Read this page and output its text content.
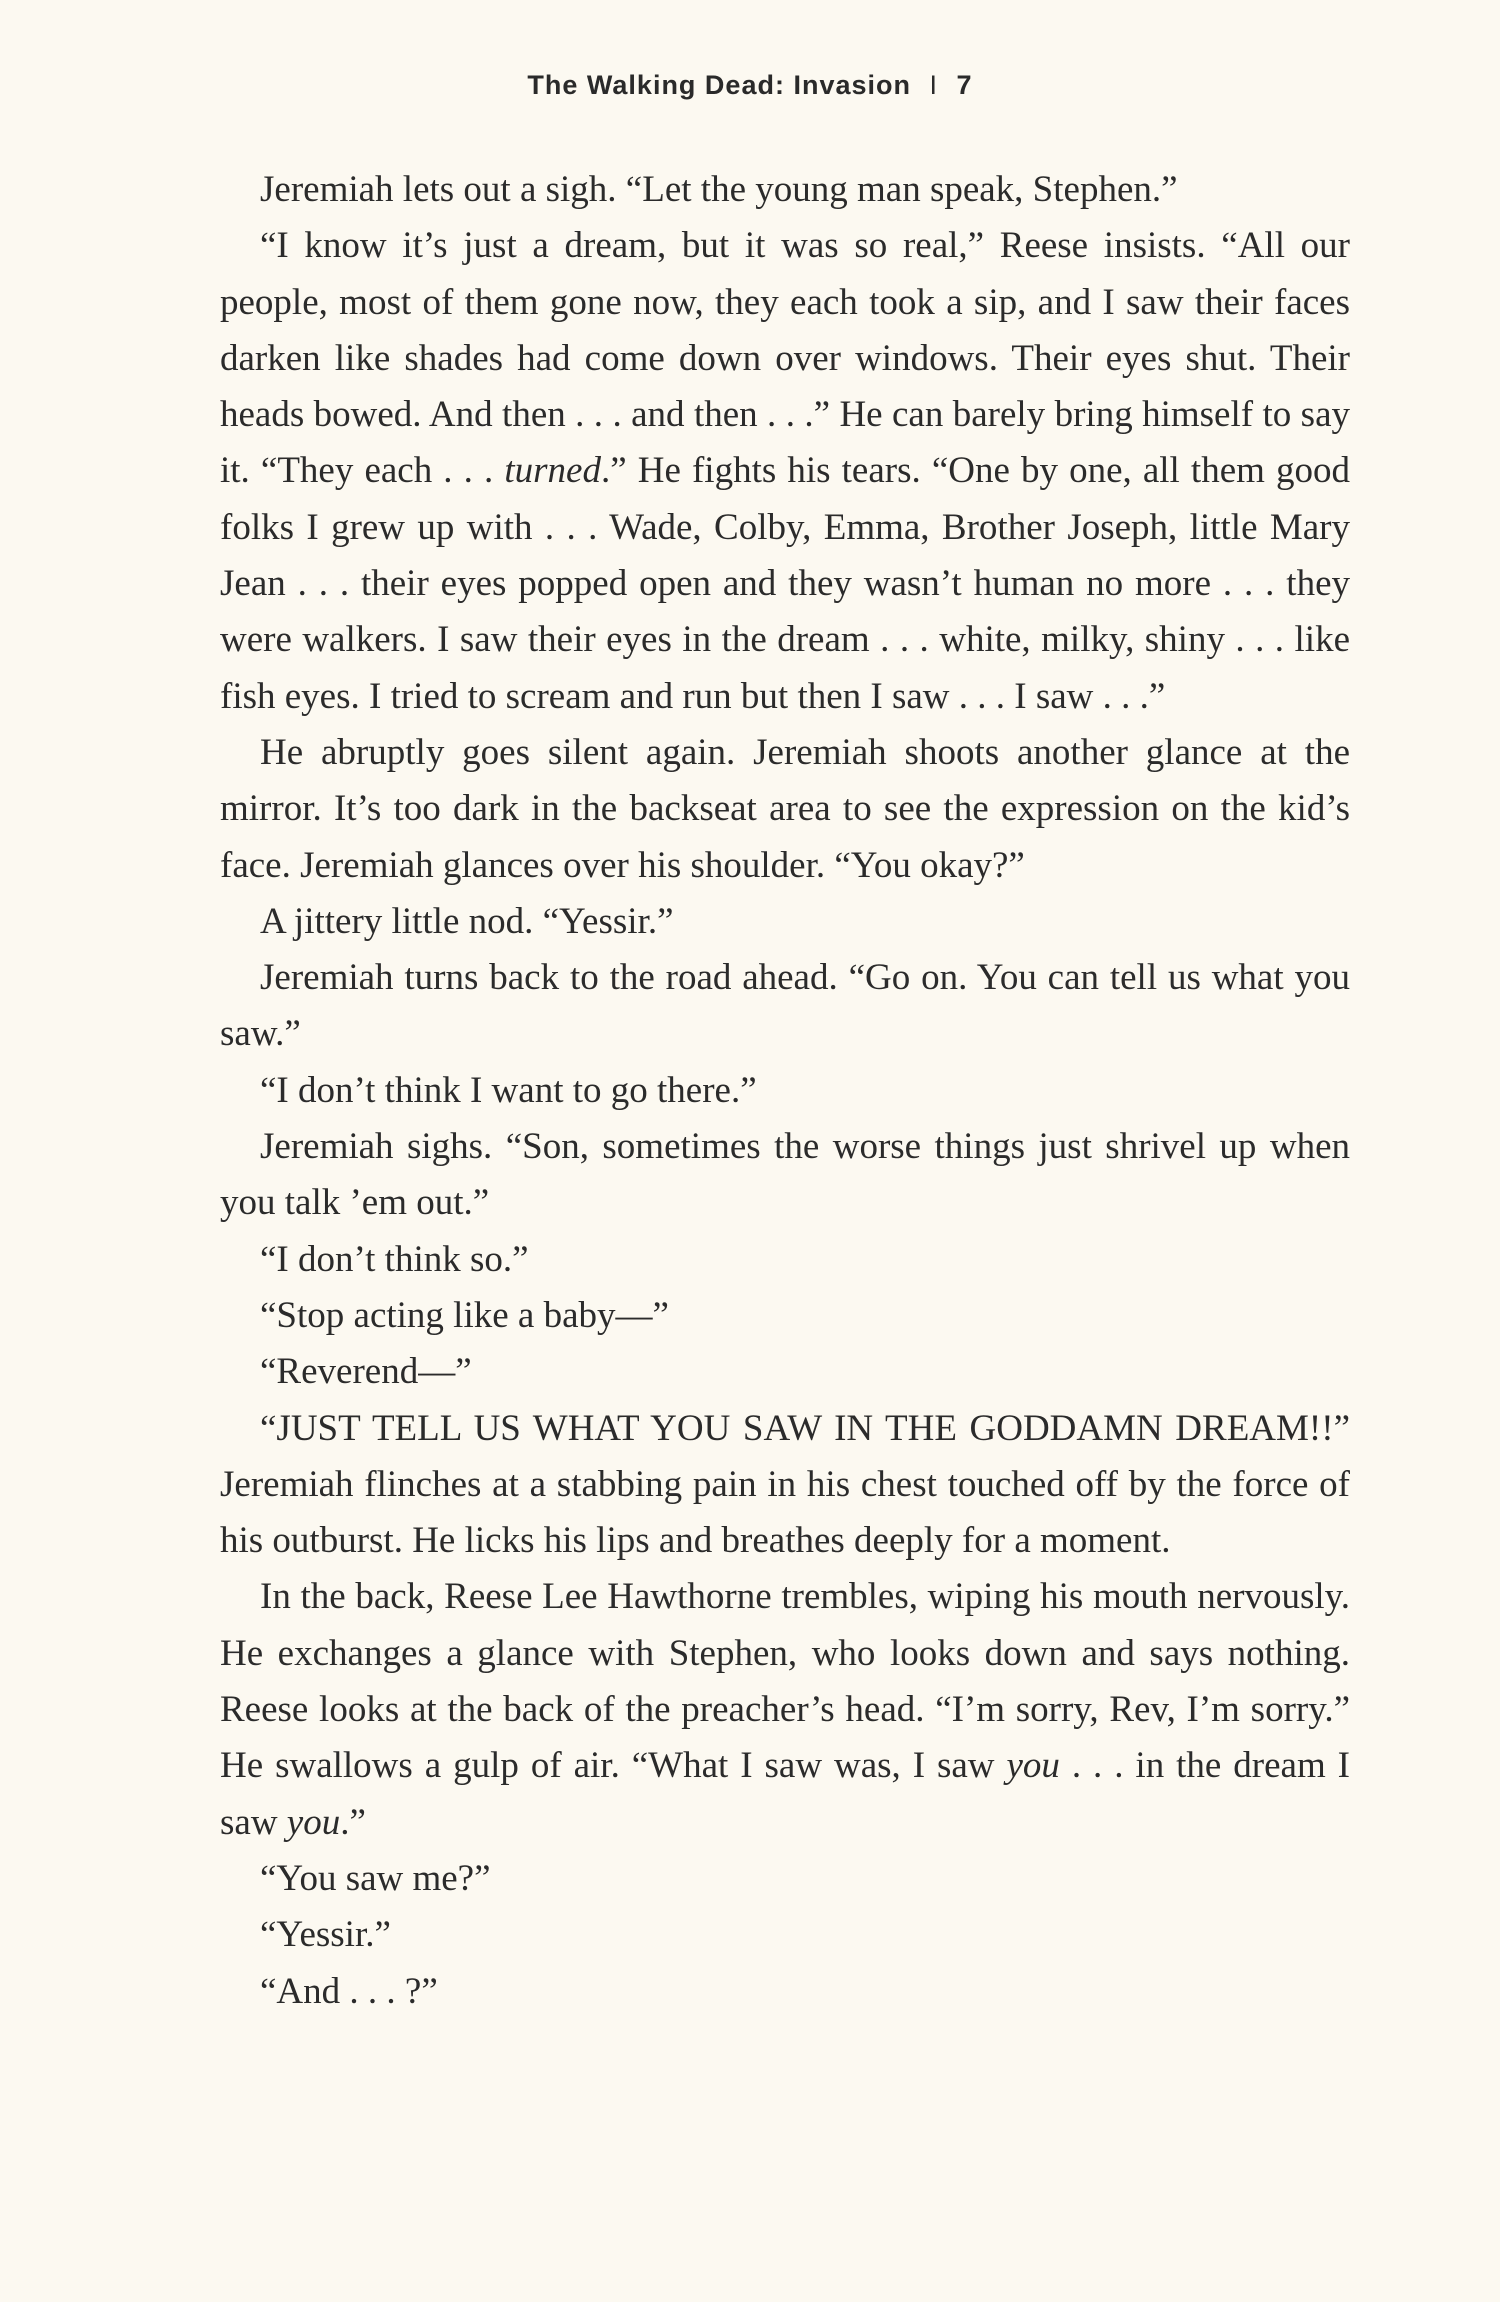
The Walking Dead: Invasion I 7

Jeremiah lets out a sigh. “Let the young man speak, Stephen.”

“I know it’s just a dream, but it was so real,” Reese insists. “All our people, most of them gone now, they each took a sip, and I saw their faces darken like shades had come down over windows. Their eyes shut. Their heads bowed. And then . . . and then . . .” He can barely bring himself to say it. “They each . . . turned.” He fights his tears. “One by one, all them good folks I grew up with . . . Wade, Colby, Emma, Brother Joseph, little Mary Jean . . . their eyes popped open and they wasn’t human no more . . . they were walkers. I saw their eyes in the dream . . . white, milky, shiny . . . like fish eyes. I tried to scream and run but then I saw . . . I saw . . .”

He abruptly goes silent again. Jeremiah shoots another glance at the mirror. It’s too dark in the backseat area to see the expression on the kid’s face. Jeremiah glances over his shoulder. “You okay?”

A jittery little nod. “Yessir.”

Jeremiah turns back to the road ahead. “Go on. You can tell us what you saw.”

“I don’t think I want to go there.”

Jeremiah sighs. “Son, sometimes the worse things just shrivel up when you talk ’em out.”

“I don’t think so.”

“Stop acting like a baby—”

“Reverend—”

“JUST TELL US WHAT YOU SAW IN THE GODDAMN DREAM!!” Jeremiah flinches at a stabbing pain in his chest touched off by the force of his outburst. He licks his lips and breathes deeply for a moment.

In the back, Reese Lee Hawthorne trembles, wiping his mouth nervously. He exchanges a glance with Stephen, who looks down and says nothing. Reese looks at the back of the preacher’s head. “I’m sorry, Rev, I’m sorry.” He swallows a gulp of air. “What I saw was, I saw you . . . in the dream I saw you.”

“You saw me?”

“Yessir.”

“And . . . ?”
